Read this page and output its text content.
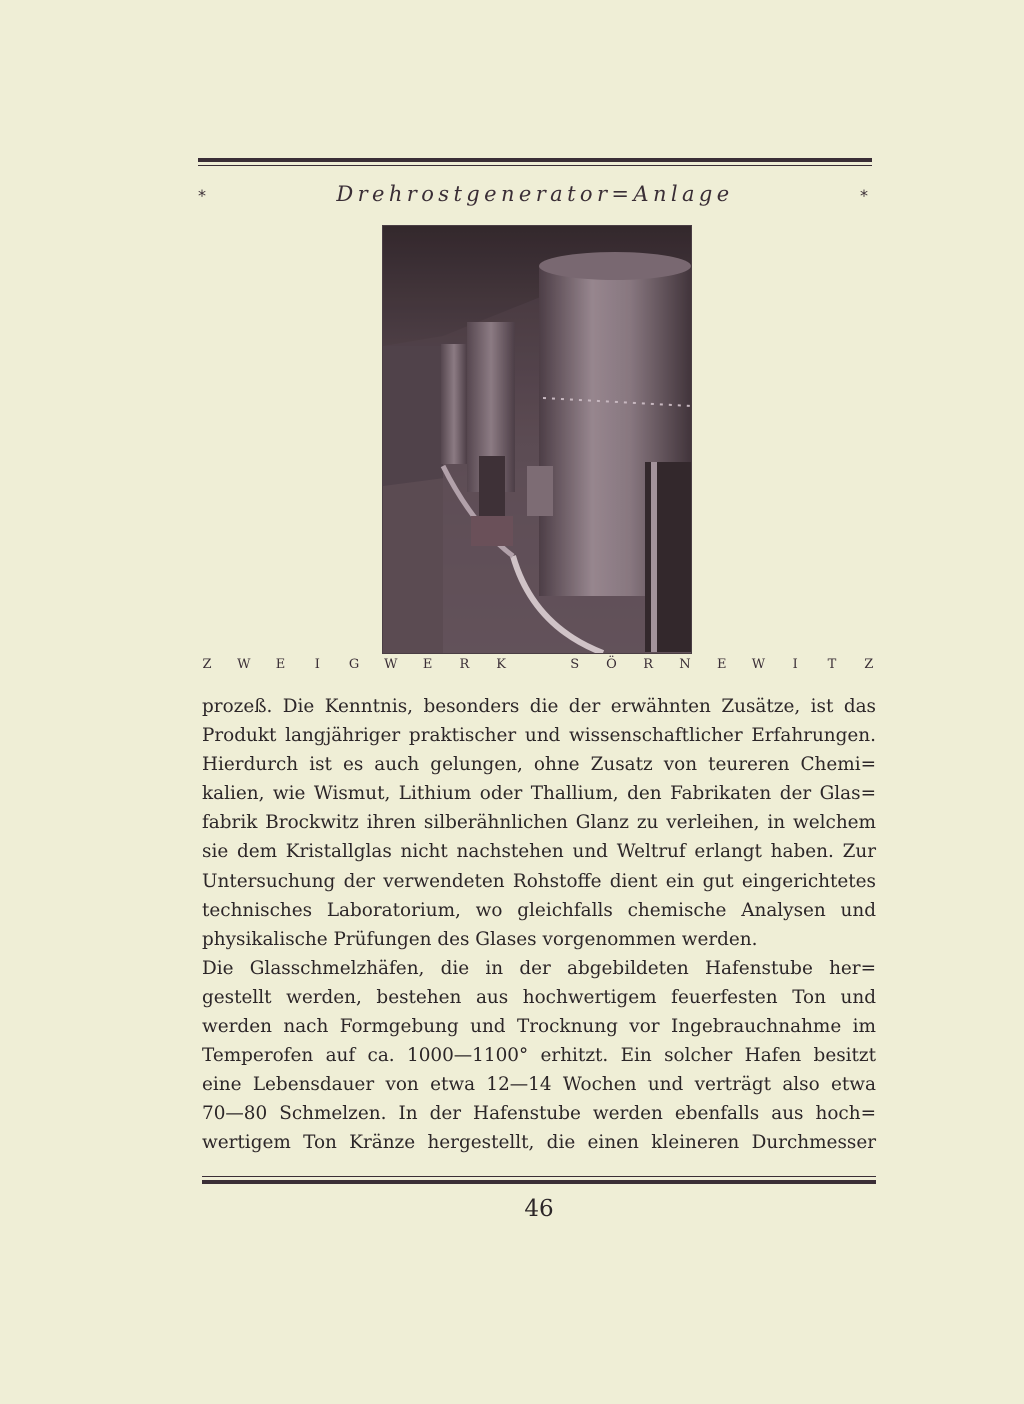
*	Drehrostgenerator=Anlage	*
Z W E	I	G W E R K	S Ö R N E W	I	T Z
prozeß. Die Kenntnis, besonders die der erwähnten Zusätze, ist das
Produkt langjähriger praktischer und wissenschaftlicher Erfahrungen.
Hierdurch ist es auch gelungen, ohne Zusatz von teureren Chemi=
kalien, wie Wismut, Lithium oder Thallium, den Fabrikaten der Glas=
fabrik Brockwitz ihren silberähnlichen Glanz zu verleihen, in welchem
sie dem Kristallglas nicht nachstehen und Weltruf erlangt haben. Zur
Untersuchung der verwendeten Rohstoffe dient ein gut eingerichtetes
technisches Laboratorium, wo gleichfalls chemische Analysen und
physikalische Prüfungen des Glases vorgenommen werden.
Die Glasschmelzhäfen, die in der abgebildeten Hafenstube her=
gestellt werden, bestehen aus hochwertigem feuerfesten Ton und
werden nach Formgebung und Trocknung vor Ingebrauchnahme im
Temperofen auf ca. 1000—1100° erhitzt. Ein solcher Hafen besitzt
eine Lebensdauer von etwa 12—14 Wochen und verträgt also etwa
70—80 Schmelzen. In der Hafenstube werden ebenfalls aus hoch=
wertigem Ton Kränze hergestellt, die einen kleineren Durchmesser
46
